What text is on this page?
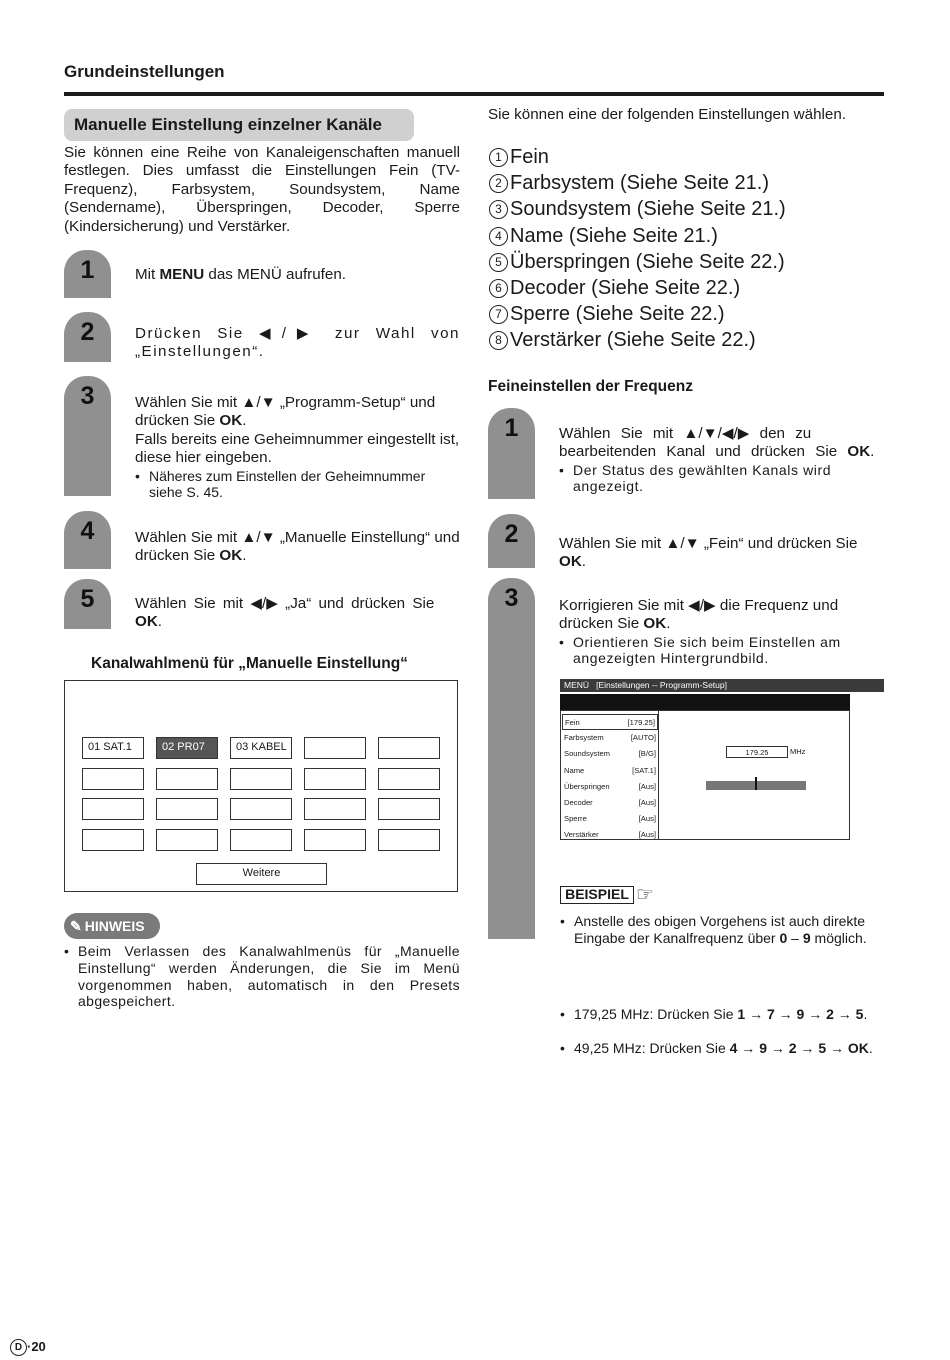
Grundeinstellungen
Manuelle Einstellung einzelner Kanäle
Sie können eine Reihe von Kanaleigenschaften manuell festlegen. Dies umfasst die Einstellungen Fein (TV-Frequenz), Farbsystem, Soundsystem, Name (Sendername), Überspringen, Decoder, Sperre (Kindersicherung) und Verstärker.
1	Mit MENU das MENÜ aufrufen.
2	Drücken Sie ◀/▶ zur Wahl von „Einstellungen“.
3	Wählen Sie mit ▲/▼ „Programm-Setup“ und drücken Sie OK.
Falls bereits eine Geheimnummer eingestellt ist, diese hier eingeben.
• Näheres zum Einstellen der Geheimnummer siehe S. 45.
4	Wählen Sie mit ▲/▼ „Manuelle Einstellung“ und drücken Sie OK.
5	Wählen Sie mit ◀/▶ „Ja“ und drücken Sie OK.
Kanalwahlmenü für „Manuelle Einstellung“
Weitere
01 SAT.1	02 PR07	03 KABEL
✎ HINWEIS
• Beim Verlassen des Kanalwahlmenüs für „Manuelle Einstellung“ werden Änderungen, die Sie im Menü vorgenommen haben, automatisch in den Presets abgespeichert.
Sie können eine der folgenden Einstellungen wählen.
1 Fein
2 Farbsystem (Siehe Seite 21.)
3 Soundsystem (Siehe Seite 21.)
4 Name (Siehe Seite 21.)
5 Überspringen (Siehe Seite 22.)
6 Decoder (Siehe Seite 22.)
7 Sperre (Siehe Seite 22.)
8 Verstärker (Siehe Seite 22.)
Feineinstellen der Frequenz
1	Wählen Sie mit ▲/▼/◀/▶ den zu bearbeitenden Kanal und drücken Sie OK.
• Der Status des gewählten Kanals wird angezeigt.
2	Wählen Sie mit ▲/▼ „Fein“ und drücken Sie OK.
3	Korrigieren Sie mit ◀/▶ die Frequenz und drücken Sie OK.
• Orientieren Sie sich beim Einstellen am angezeigten Hintergrundbild.
MENÜ [Einstellungen -- Programm-Setup]
179.25	MHz
Fein	[179.25]
Farbsystem	[AUTO]
Soundsystem	[B/G]
Name	[SAT.1]
Überspringen	[Aus]
Decoder	[Aus]
Sperre	[Aus]
Verstärker	[Aus]
• Anstelle des obigen Vorgehens ist auch direkte Eingabe der Kanalfrequenz über 0 – 9 möglich.
BEISPIEL ☞
• 179,25 MHz: Drücken Sie 1 → 7 → 9 → 2 → 5.
• 49,25 MHz: Drücken Sie 4 → 9 → 2 → 5 → OK.
D ·20
